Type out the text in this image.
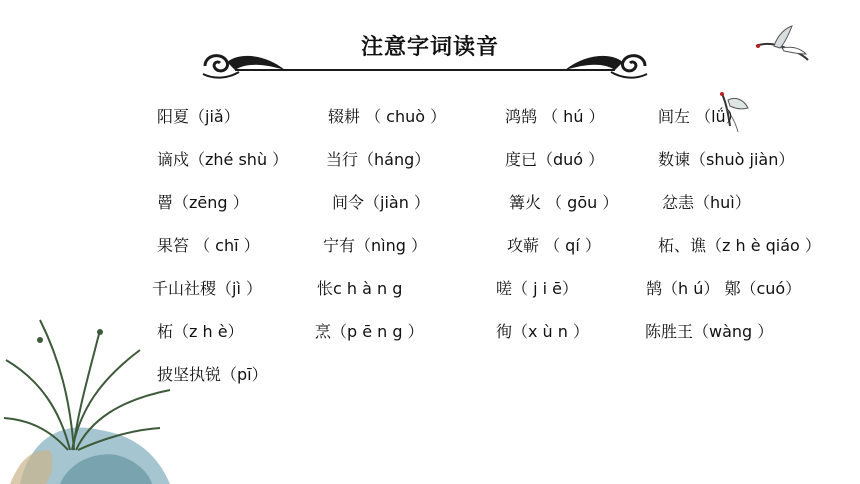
注意字词读音
阳夏（jiǎ）	辍耕 （ chuò ）	鸿鹄 （ hú ）	闾左 （lǘ）
谪戍（zhé shù ） 当行（háng）	度已（duó ）	数谏（shuò jiàn）
罾（zēng ）	间令（jiàn ）	篝火 （ gōu ）	忿恚（huì）
果笞 （ chī ）	宁有（nìng ）	攻蕲 （ qí ）	柘、谯（z h è qiáo ）
千山社稷（jì ）	怅c h à n g	嗟（ j i ē）	鹄（h ú） 鄚（cuó）
柘（z h è）	烹（p ē n g ）	徇（x ù n ）	陈胜王（wàng ）
披坚执锐（pī）
